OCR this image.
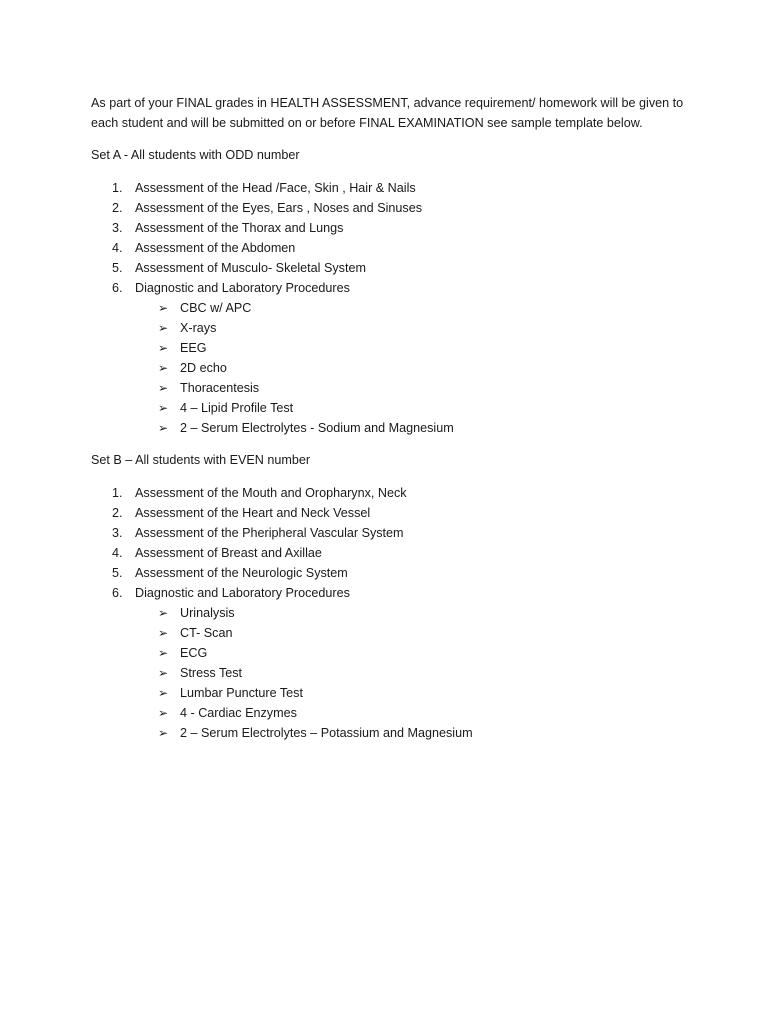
As part of your FINAL grades in HEALTH ASSESSMENT, advance requirement/ homework will be given to
each student and will be submitted on or before FINAL EXAMINATION see sample template below.

Set A - All students with ODD number

1. Assessment of the Head /Face, Skin , Hair & Nails
2. Assessment of the Eyes, Ears , Noses and Sinuses
3. Assessment of the Thorax and Lungs
4. Assessment of the Abdomen
5. Assessment of Musculo- Skeletal System
6. Diagnostic and Laboratory Procedures
➢ CBC w/ APC
➢ X-rays
➢ EEG
➢ 2D echo
➢ Thoracentesis
➢ 4 – Lipid Profile Test
➢ 2 – Serum Electrolytes - Sodium and Magnesium

Set B – All students with EVEN number

1. Assessment of the Mouth and Oropharynx, Neck
2. Assessment of the Heart and Neck Vessel
3. Assessment of the Pheripheral Vascular System
4. Assessment of Breast and Axillae
5. Assessment of the Neurologic System
6. Diagnostic and Laboratory Procedures
➢ Urinalysis
➢ CT- Scan
➢ ECG
➢ Stress Test
➢ Lumbar Puncture Test
➢ 4 - Cardiac Enzymes
➢ 2 – Serum Electrolytes – Potassium and Magnesium
